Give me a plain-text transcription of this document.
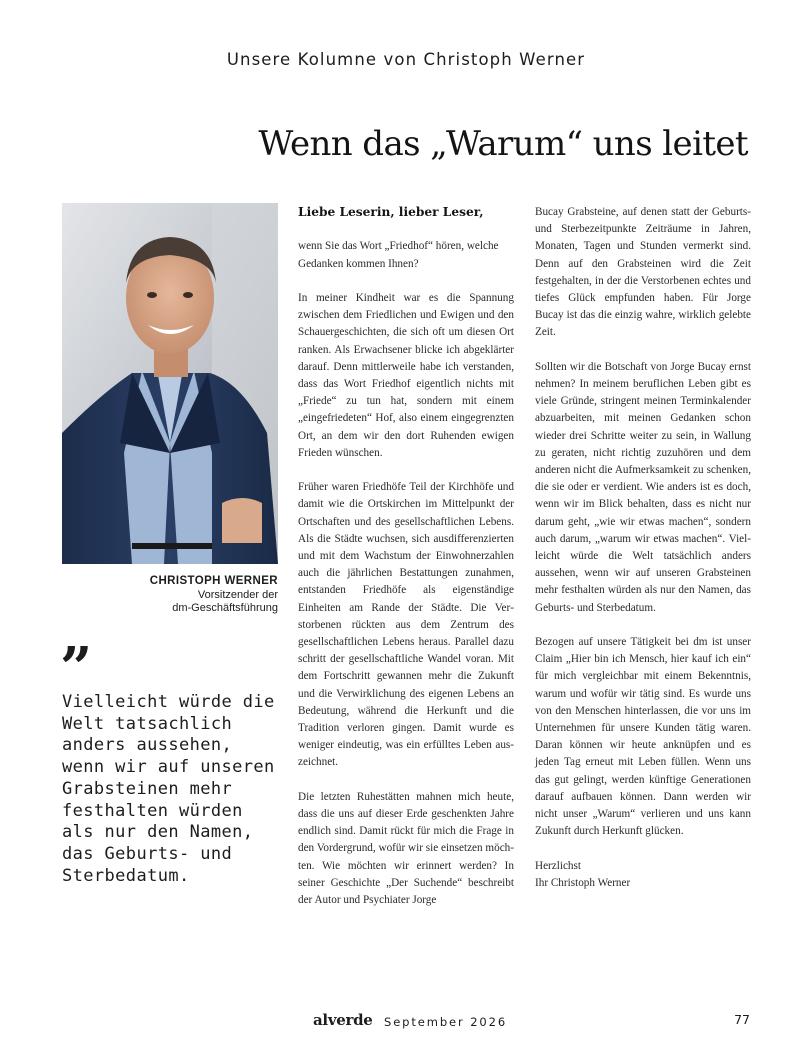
Unsere Kolumne von Christoph Werner
Wenn das „Warum“ uns leitet
CHRISTOPH WERNER
Vorsitzender der
dm-Geschäftsführung
”

Vielleicht würde die Welt tatsachlich anders aussehen, wenn wir auf unseren Grabsteinen mehr festhalten würden als nur den Namen, das Geburts- und Sterbedatum.

Liebe Leserin, lieber Leser,

wenn Sie das Wort „Friedhof“ hören, welche Gedanken kommen Ihnen?

In meiner Kindheit war es die Spannung zwischen dem Friedlichen und Ewigen und den Schauergeschichten, die sich oft um diesen Ort ranken. Als Erwachsener blicke ich abgeklärter darauf. Denn mittlerweile habe ich verstanden, dass das Wort Friedhof eigentlich nichts mit „Friede“ zu tun hat, sondern mit einem „eingefriedeten“ Hof, also einem eingegrenzten Ort, an dem wir den dort Ruhenden ewigen Frieden wünschen.

Früher waren Friedhöfe Teil der Kirchhöfe und damit wie die Ortskirchen im Mittelpunkt der Ortschaften und des gesellschaftlichen Lebens. Als die Städte wuchsen, sich ausdifferenzierten und mit dem Wachstum der Einwohnerzahlen auch die jährlichen Bestattungen zunahmen, entstanden Friedhöfe als eigenständige Einheiten am Rande der Städte. Die Verstorbenen rückten aus dem Zentrum des gesellschaftlichen Lebens heraus. Parallel dazu schritt der gesellschaftliche Wandel voran. Mit dem Fortschritt gewannen mehr die Zukunft und die Verwirklichung des eigenen Lebens an Bedeutung, während die Herkunft und die Tradition verloren gingen. Damit wurde es weniger eindeutig, was ein erfülltes Leben auszeichnet.

Die letzten Ruhestätten mahnen mich heute, dass die uns auf dieser Erde geschenkten Jahre endlich sind. Damit rückt für mich die Frage in den Vordergrund, wofür wir sie einsetzen möchten. Wie möchten wir erinnert werden? In seiner Geschichte „Der Suchende“ beschreibt der Autor und Psychiater Jorge

Bucay Grabsteine, auf denen statt der Geburts- und Sterbezeitpunkte Zeiträume in Jahren, Monaten, Tagen und Stunden vermerkt sind. Denn auf den Grabsteinen wird die Zeit festgehalten, in der die Verstorbenen echtes und tiefes Glück empfunden haben. Für Jorge Bucay ist das die einzig wahre, wirklich gelebte Zeit.

Sollten wir die Botschaft von Jorge Bucay ernst nehmen? In meinem beruflichen Leben gibt es viele Gründe, stringent meinen Terminkalender abzuarbeiten, mit meinen Gedanken schon wieder drei Schritte weiter zu sein, in Wallung zu geraten, nicht richtig zuzuhören und dem anderen nicht die Aufmerksamkeit zu schenken, die sie oder er verdient. Wie anders ist es doch, wenn wir im Blick behalten, dass es nicht nur darum geht, „wie wir etwas machen“, sondern auch darum, „warum wir etwas machen“. Vielleicht würde die Welt tatsächlich anders aussehen, wenn wir auf unseren Grabsteinen mehr festhalten würden als nur den Namen, das Geburts- und Sterbedatum.

Bezogen auf unsere Tätigkeit bei dm ist unser Claim „Hier bin ich Mensch, hier kauf ich ein“ für mich vergleichbar mit einem Bekenntnis, warum und wofür wir tätig sind. Es wurde uns von den Menschen hinterlassen, die vor uns im Unternehmen für unsere Kunden tätig waren. Daran können wir heute anknüpfen und es jeden Tag erneut mit Leben füllen. Wenn uns das gut gelingt, werden künftige Generationen darauf aufbauen können. Dann werden wir nicht unser „Warum“ verlieren und uns kann Zukunft durch Herkunft glücken.

Herzlichst
Ihr Christoph Werner
alverde September 2026	77
